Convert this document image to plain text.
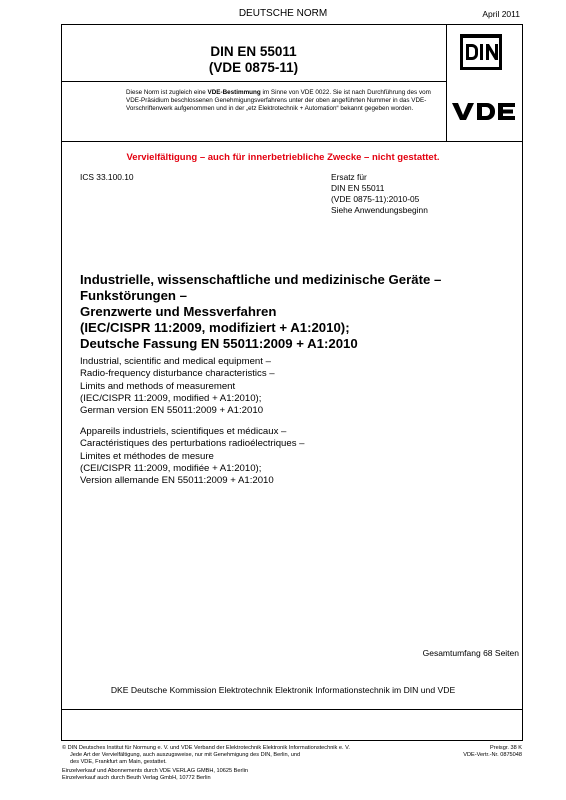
DEUTSCHE NORM	April 2011
DIN EN 55011
(VDE 0875-11)
Diese Norm ist zugleich eine VDE-Bestimmung im Sinne von VDE 0022. Sie ist nach Durchführung des vom VDE-Präsidium beschlossenen Genehmigungsverfahrens unter der oben angeführten Nummer in das VDE-Vorschriftenwerk aufgenommen und in der „etz Elektrotechnik + Automation“ bekannt gegeben worden.
Vervielfältigung – auch für innerbetriebliche Zwecke – nicht gestattet.
ICS 33.100.10	Ersatz für
DIN EN 55011
(VDE 0875-11):2010-05
Siehe Anwendungsbeginn
Industrielle, wissenschaftliche und medizinische Geräte –
Funkstörungen –
Grenzwerte und Messverfahren
(IEC/CISPR 11:2009, modifiziert + A1:2010);
Deutsche Fassung EN 55011:2009 + A1:2010
Industrial, scientific and medical equipment –
Radio-frequency disturbance characteristics –
Limits and methods of measurement
(IEC/CISPR 11:2009, modified + A1:2010);
German version EN 55011:2009 + A1:2010
Appareils industriels, scientifiques et médicaux –
Caractéristiques des perturbations radioélectriques –
Limites et méthodes de mesure
(CEI/CISPR 11:2009, modifiée + A1:2010);
Version allemande EN 55011:2009 + A1:2010
Gesamtumfang 68 Seiten
DKE Deutsche Kommission Elektrotechnik Elektronik Informationstechnik im DIN und VDE
© DIN Deutsches Institut für Normung e. V. und VDE Verband der Elektrotechnik Elektronik Informationstechnik e. V.
Jede Art der Vervielfältigung, auch auszugsweise, nur mit Genehmigung des DIN, Berlin, und
des VDE, Frankfurt am Main, gestattet.
Preisgr. 38 K
VDE-Vertr.-Nr. 0875048
Einzelverkauf und Abonnements durch VDE VERLAG GMBH, 10625 Berlin
Einzelverkauf auch durch Beuth Verlag GmbH, 10772 Berlin
